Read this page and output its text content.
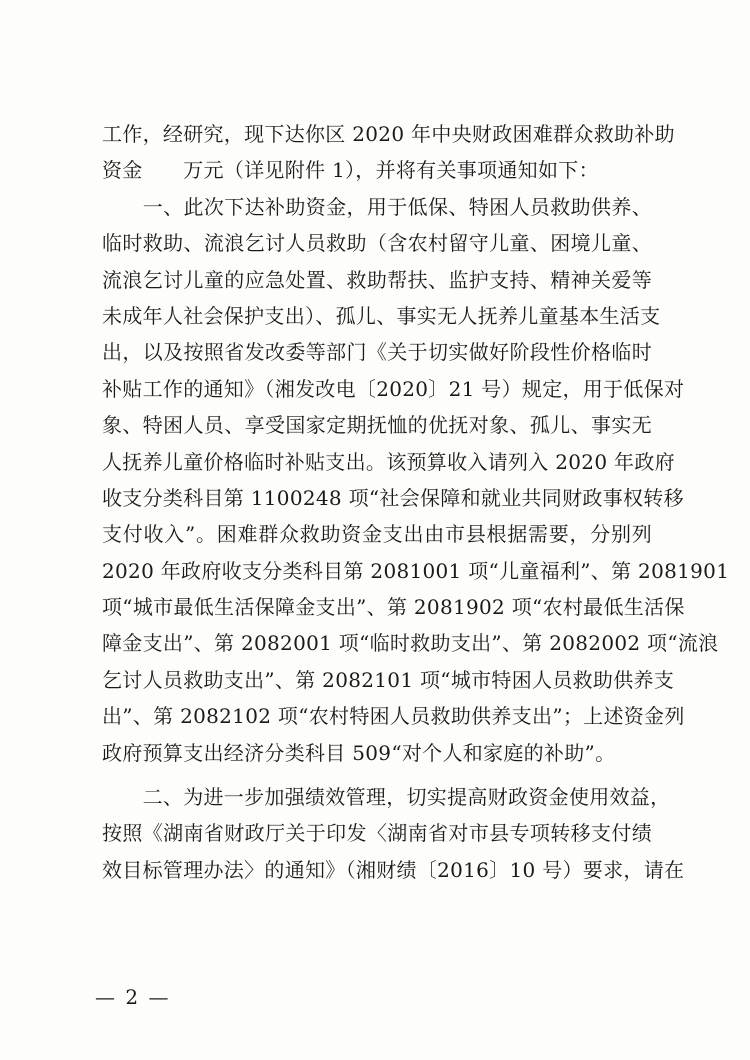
工作，经研究，现下达你区 2020 年中央财政困难群众救助补助
资金　　万元（详见附件 1），并将有关事项通知如下：
　　一、此次下达补助资金，用于低保、特困人员救助供养、
临时救助、流浪乞讨人员救助（含农村留守儿童、困境儿童、
流浪乞讨儿童的应急处置、救助帮扶、监护支持、精神关爱等
未成年人社会保护支出）、孤儿、事实无人抚养儿童基本生活支
出，以及按照省发改委等部门《关于切实做好阶段性价格临时
补贴工作的通知》（湘发改电〔2020〕21 号）规定，用于低保对
象、特困人员、享受国家定期抚恤的优抚对象、孤儿、事实无
人抚养儿童价格临时补贴支出。该预算收入请列入 2020 年政府
收支分类科目第 1100248 项“社会保障和就业共同财政事权转移
支付收入”。困难群众救助资金支出由市县根据需要，分别列
2020 年政府收支分类科目第 2081001 项“儿童福利”、第 2081901
项“城市最低生活保障金支出”、第 2081902 项“农村最低生活保
障金支出”、第 2082001 项“临时救助支出”、第 2082002 项“流浪
乞讨人员救助支出”、第 2082101 项“城市特困人员救助供养支
出”、第 2082102 项“农村特困人员救助供养支出”；上述资金列
政府预算支出经济分类科目 509“对个人和家庭的补助”。
　　二、为进一步加强绩效管理，切实提高财政资金使用效益，
按照《湖南省财政厅关于印发〈湖南省对市县专项转移支付绩
效目标管理办法〉的通知》（湘财绩〔2016〕10 号）要求，请在
— 2 —
